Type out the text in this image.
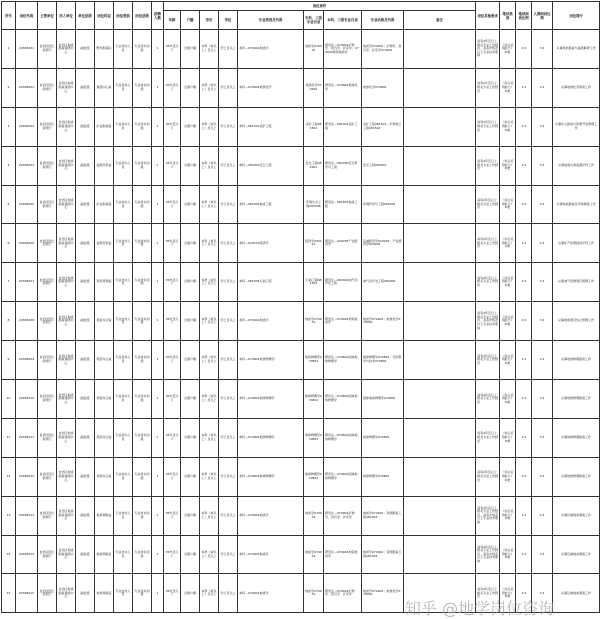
序号	岗位代码	主管单位	用人单位	单位层级	岗位科室	岗位类别	岗位层级	招聘人数	岗位条件									岗位其他要求	笔试类别	笔试面试比例	入围面试比例	岗位简介
									年龄	户籍	学历	学位	专业类别及代码	专科、三级专业目录	本科、三级专业目录	专业名称及代码	备注					
1	24365001	自治区国土资源厅	自治区地质勘查遥感中心	副处级	野外勘查队	专业技术人员	专业技术初级	1	35岁及以下	全国户籍	本科（或以上）及以上	学士及以上	本科—070901地质学	地质学070901	研究生—070901矿物学、岩石学、矿床学；070904构造地质学	地质学070901；矿物学、岩石学、矿床学070901		具有2年及以上相关专业工作经历，具有中级及以上专业技术职称	《综合应用能力》D类	1:3	3:1	从事地质勘查与遥感解译工作
2	24365002	自治区国土资源厅	自治区地质勘查遥感中心	副处级	遥感中心室	专业技术人员	专业技术初级	1	35岁及以下	全国户籍	本科（或以上）及以上	学士及以上	本科—070902地球化学	地球化学070902	研究生—070902地球化学	地球化学070902		具有2年及以上相关专业工作经历	《综合应用能力》D类	1:3	3:1	从事地球化学勘查工作
3	24365003	自治区国土资源厅	自治区地质勘查遥感中心	副处级	矿业勘查室	专业技术人员	专业技术初级	1	35岁及以下	全国户籍	本科（或以上）及以上	学士及以上	本科—081501采矿工程	采矿工程081501	研究生—081901采矿工程	采矿工程081501；矿物加工工程081502		具有2年及以上相关专业工作经历	《综合应用能力》D类	1:3	3:1	从事矿山勘查与资源开发管理工作
4	24365004	自治区国土资源厅	自治区地质勘查遥感中心	副处级	监测评价室	专业技术人员	专业技术初级	1	35岁及以下	全国户籍	本科（或以上）及以上	学士及以上	本科—082901安全工程	安全工程082901	研究生—083700安全科学与工程	安全工程082901		具有2年及以上相关专业工作经历	《综合应用能力》D类	1:3	3:1	从事地质灾害监测评价工作
5	24365005	自治区国土资源厅	自治区地质勘查遥感中心	副处级	矿业勘查室	专业技术人员	专业技术初级	1	35岁及以下	全国户籍	本科（或以上）及以上	学士及以上	本科—081401地质工程	环境生态工程082506	研究生—081803地质工程	环境科学与工程082501		具有2年及以上相关专业工作经历	《综合应用能力》D类	1:3	3:1	从事地质勘查及环境调查工作
6	24365006	自治区国土资源厅	自治区地质勘查遥感中心	副处级	监测评价室	专业技术人员	专业技术初级	1	35岁及以下	全国户籍	本科（或以上）及以上	学士及以上	本科—020101经济学	经济学020101	研究生—020205产业经济学	区域经济学020202；产业经济学020205		具有2年及以上相关专业工作经历	《综合应用能力》A类	1:3	3:1	从事矿产资源经济评价工作
7	24365007	自治区国土资源厅	自治区地质勘查遥感中心	副处级	项目管理室	专业技术人员	专业技术初级	1	35岁及以下	全国户籍	本科（或以上）及以上	学士及以上	本科—081502石油工程	石油工程081502	研究生—082002油气田开发工程	油气田开发工程082002		具有2年及以上相关专业工作经历	《综合应用能力》D类	1:3	3:1	从事油气资源项目管理工作
8	24365008	自治区国土资源厅	自治区地质勘查遥感中心	副处级	项目综合室	专业技术人员	专业技术初级	1	35岁及以下	全国户籍	本科（或以上）及以上	学士及以上	本科—070901地质学	地质学070901	研究生—070904构造地质学	地质学070901；地球化学070902		具有2年及以上相关专业工作经历，具有中级及以上专业技术职称	《综合应用能力》D类	1:3	3:1	从事地质项目综合管理工作
9	24365009	自治区国土资源厅	自治区地质勘查遥感中心	副处级	项目综合室	专业技术人员	专业技术初级	1	35岁及以下	全国户籍	本科（或以上）及以上	学士及以上	本科—070801地球物理学	地球物理学070801	研究生—070801固体地球物理学	地球物理学070801；空间科学与技术070802		具有2年及以上相关专业工作经历	《综合应用能力》D类	1:3	3:1	从事地球物理勘查工作
10	24365010	自治区国土资源厅	自治区地质勘查遥感中心	副处级	项目综合室	专业技术人员	专业技术初级	1	35岁及以下	全国户籍	本科（或以上）及以上	学士及以上	本科—070801地球物理学	地球物理学070801	研究生—070801固体地球物理学	固体地球物理学070801		具有2年及以上相关专业工作经历	《综合应用能力》D类	1:3	3:1	从事地球物理勘查工作
11	24365011	自治区国土资源厅	自治区地质勘查遥感中心	副处级	项目综合室	专业技术人员	专业技术初级	1	35岁及以下	全国户籍	本科（或以上）及以上	学士及以上	本科—070801地球物理学	地球物理学070801	研究生—070801固体地球物理学	地球物理学070801		具有2年及以上相关专业工作经历	《综合应用能力》D类	1:3	3:1	从事地球物理勘查工作
12	24365012	自治区国土资源厅	自治区地质勘查遥感中心	副处级	项目综合室	专业技术人员	专业技术初级	1	35岁及以下	全国户籍	本科（或以上）及以上	学士及以上	本科—070801地球物理学	地球物理学070801	研究生—070801固体地球物理学	地球物理学070801		具有2年及以上相关专业工作经历	《综合应用能力》D类	1:3	3:1	从事地球物理勘查工作
13	24365013	自治区国土资源厅	自治区地质勘查遥感中心	副处级	地质调查室	专业技术人员	专业技术初级	1	35岁及以下	全国户籍	本科（或以上）及以上	学士及以上	本科—070901地质学	地质学070901	研究生—070901矿物学、岩石学、矿床学	地质学070901；资源勘查工程081403		具有2年及以上相关专业工作经历，具有中级及以上专业技术职称	《综合应用能力》D类	1:3	3:1	从事区域地质调查工作
14	24365014	自治区国土资源厅	自治区地质勘查遥感中心	副处级	地质调查室	专业技术人员	专业技术初级	1	35岁及以下	全国户籍	本科（或以上）及以上	学士及以上	本科—070901地质学	地质学070901	研究生—070904构造地质学	地质学070901；资源勘查工程081403		具有2年及以上相关专业工作经历，具有中级及以上专业技术职称	《综合应用能力》D类	1:3	3:1	从事区域地质调查工作
15	24365015	自治区国土资源厅	自治区地质勘查遥感中心	副处级	地质调查室	专业技术人员	专业技术初级	1	35岁及以下	全国户籍	本科（或以上）及以上	学士及以上	本科—070901地质学	地质学070901	研究生—070901矿物学、岩石学、矿床学	地质学070901；地球化学070902		具有2年及以上相关专业工作经历	《综合应用能力》D类	1:3	3:1	从事区域地质调查工作
知乎 @地学岗位咨询
